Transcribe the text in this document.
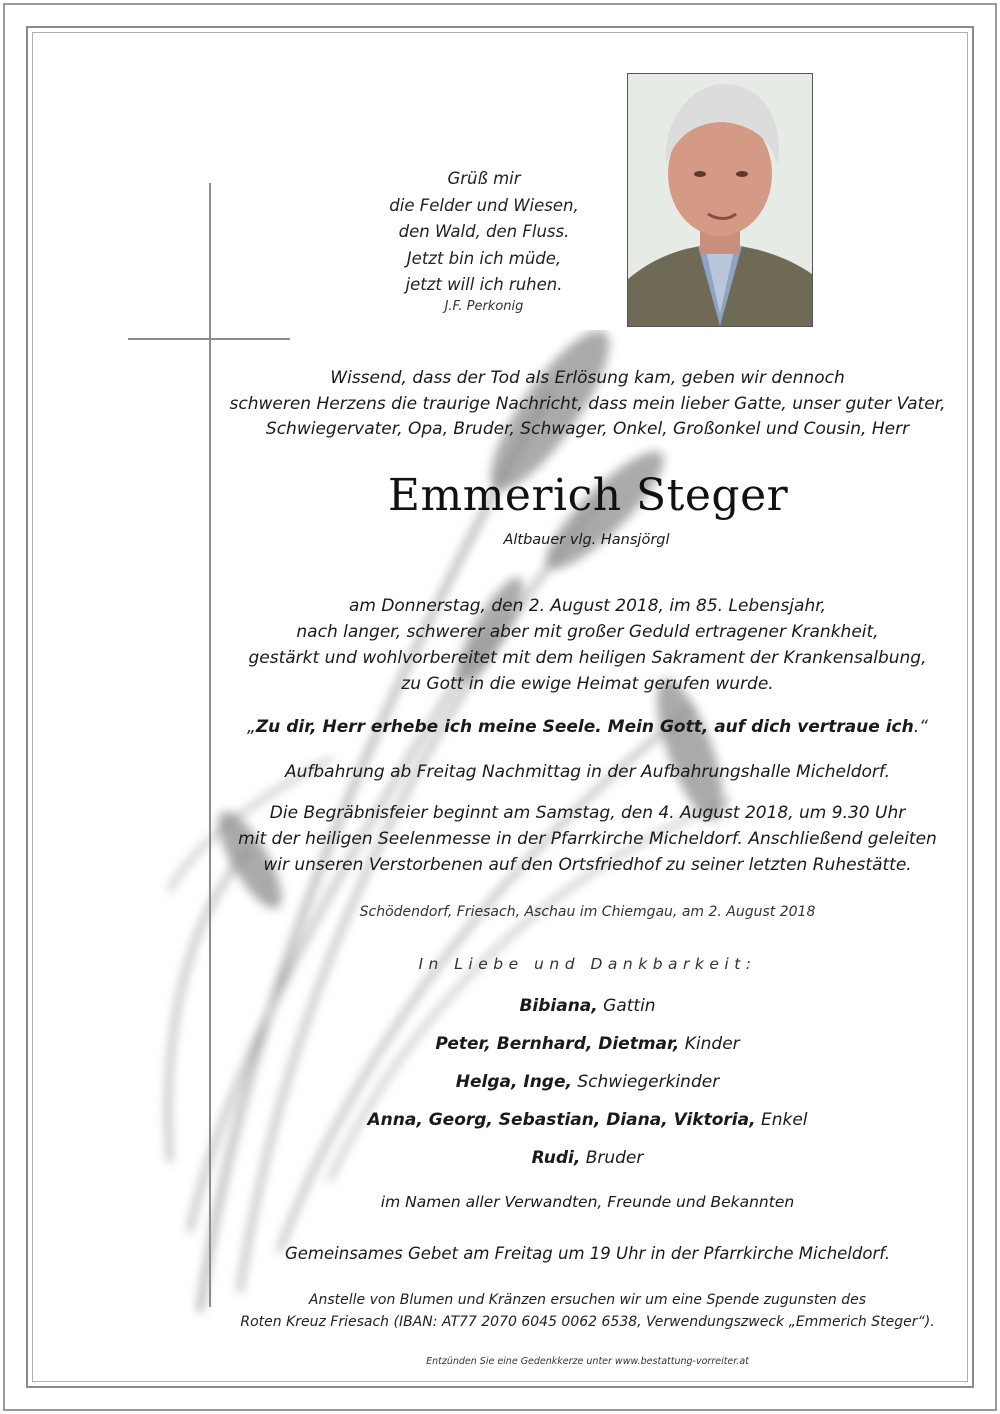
Grüß mir
die Felder und Wiesen,
den Wald, den Fluss.
Jetzt bin ich müde,
jetzt will ich ruhen.
J.F. Perkonig
Wissend, dass der Tod als Erlösung kam, geben wir dennoch
schweren Herzens die traurige Nachricht, dass mein lieber Gatte, unser guter Vater,
Schwiegervater, Opa, Bruder, Schwager, Onkel, Großonkel und Cousin, Herr
Emmerich Steger
Altbauer vlg. Hansjörgl
am Donnerstag, den 2. August 2018, im 85. Lebensjahr,
nach langer, schwerer aber mit großer Geduld ertragener Krankheit,
gestärkt und wohlvorbereitet mit dem heiligen Sakrament der Krankensalbung,
zu Gott in die ewige Heimat gerufen wurde.
„Zu dir, Herr erhebe ich meine Seele. Mein Gott, auf dich vertraue ich.“
Aufbahrung ab Freitag Nachmittag in der Aufbahrungshalle Micheldorf.
Die Begräbnisfeier beginnt am Samstag, den 4. August 2018, um 9.30 Uhr
mit der heiligen Seelenmesse in der Pfarrkirche Micheldorf. Anschließend geleiten
wir unseren Verstorbenen auf den Ortsfriedhof zu seiner letzten Ruhestätte.
Schödendorf, Friesach, Aschau im Chiemgau, am 2. August 2018
In Liebe und Dankbarkeit:
Bibiana, Gattin
Peter, Bernhard, Dietmar, Kinder
Helga, Inge, Schwiegerkinder
Anna, Georg, Sebastian, Diana, Viktoria, Enkel
Rudi, Bruder
im Namen aller Verwandten, Freunde und Bekannten
Gemeinsames Gebet am Freitag um 19 Uhr in der Pfarrkirche Micheldorf.
Anstelle von Blumen und Kränzen ersuchen wir um eine Spende zugunsten des
Roten Kreuz Friesach (IBAN: AT77 2070 6045 0062 6538, Verwendungszweck „Emmerich Steger“).
Entzünden Sie eine Gedenkkerze unter www.bestattung-vorreiter.at
